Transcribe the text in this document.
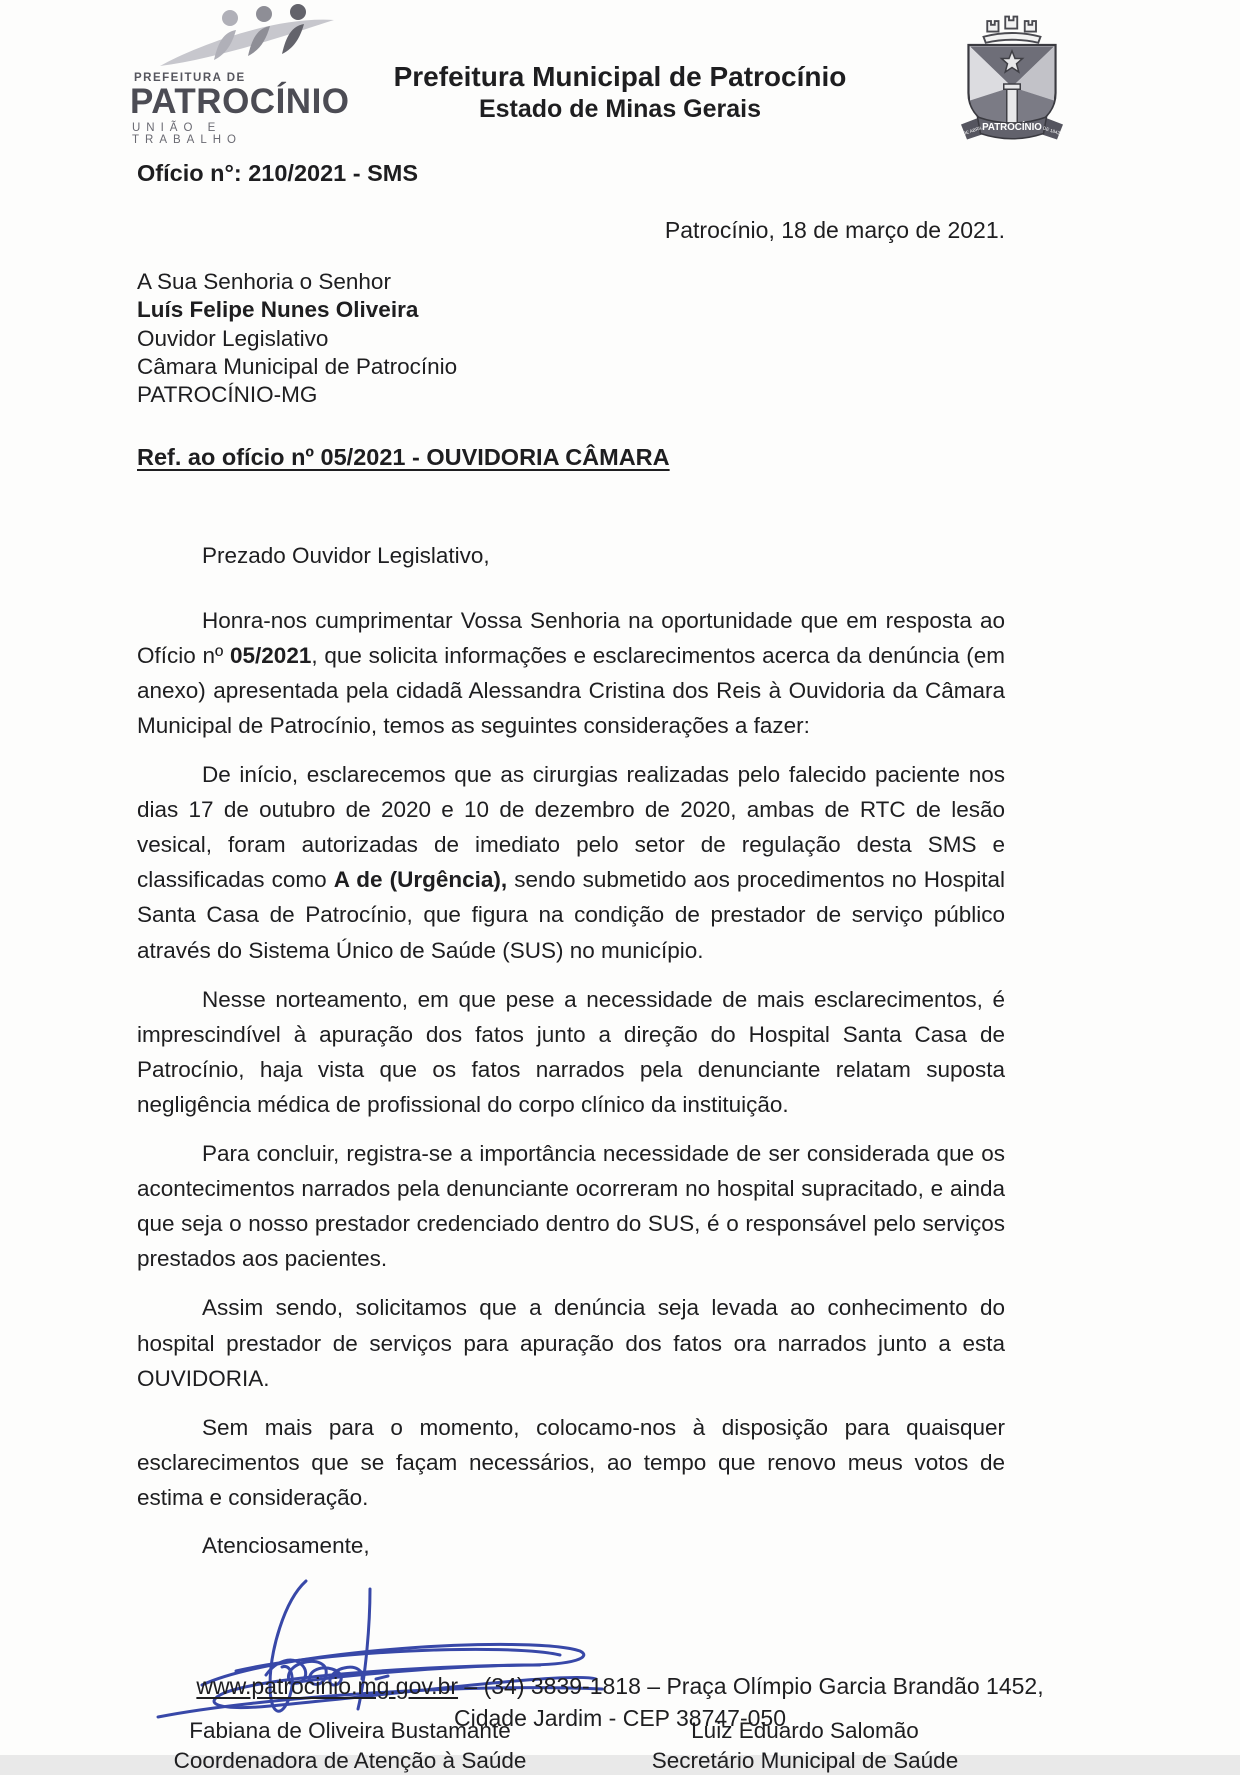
PREFEITURA DE
PATROCÍNIO
UNIÃO E TRABALHO
Prefeitura Municipal de Patrocínio
Estado de Minas Gerais
PATROCÍNIO
DE ABRIL	DE 1842
Ofício n°: 210/2021 - SMS
Patrocínio, 18 de março de 2021.
A Sua Senhoria o Senhor
Luís Felipe Nunes Oliveira
Ouvidor Legislativo
Câmara Municipal de Patrocínio
PATROCÍNIO-MG
Ref. ao ofício nº 05/2021 - OUVIDORIA CÂMARA
Prezado Ouvidor Legislativo,

Honra-nos cumprimentar Vossa Senhoria na oportunidade que em resposta ao Ofício nº 05/2021, que solicita informações e esclarecimentos acerca da denúncia (em anexo) apresentada pela cidadã Alessandra Cristina dos Reis à Ouvidoria da Câmara Municipal de Patrocínio, temos as seguintes considerações a fazer:

De início, esclarecemos que as cirurgias realizadas pelo falecido paciente nos dias 17 de outubro de 2020 e 10 de dezembro de 2020, ambas de RTC de lesão vesical, foram autorizadas de imediato pelo setor de regulação desta SMS e classificadas como A de (Urgência), sendo submetido aos procedimentos no Hospital Santa Casa de Patrocínio, que figura na condição de prestador de serviço público através do Sistema Único de Saúde (SUS) no município.

Nesse norteamento, em que pese a necessidade de mais esclarecimentos, é imprescindível à apuração dos fatos junto a direção do Hospital Santa Casa de Patrocínio, haja vista que os fatos narrados pela denunciante relatam suposta negligência médica de profissional do corpo clínico da instituição.

Para concluir, registra-se a importância necessidade de ser considerada que os acontecimentos narrados pela denunciante ocorreram no hospital supracitado, e ainda que seja o nosso prestador credenciado dentro do SUS, é o responsável pelo serviços prestados aos pacientes.

Assim sendo, solicitamos que a denúncia seja levada ao conhecimento do hospital prestador de serviços para apuração dos fatos ora narrados junto a esta OUVIDORIA.

Sem mais para o momento, colocamo-nos à disposição para quaisquer esclarecimentos que se façam necessários, ao tempo que renovo meus votos de estima e consideração.

Atenciosamente,
Fabiana de Oliveira Bustamante
Coordenadora de Atenção à Saúde
Luiz Eduardo Salomão
Secretário Municipal de Saúde
www.patrocinio.mg.gov.br – (34) 3839-1818 – Praça Olímpio Garcia Brandão 1452, Cidade Jardim - CEP 38747-050
